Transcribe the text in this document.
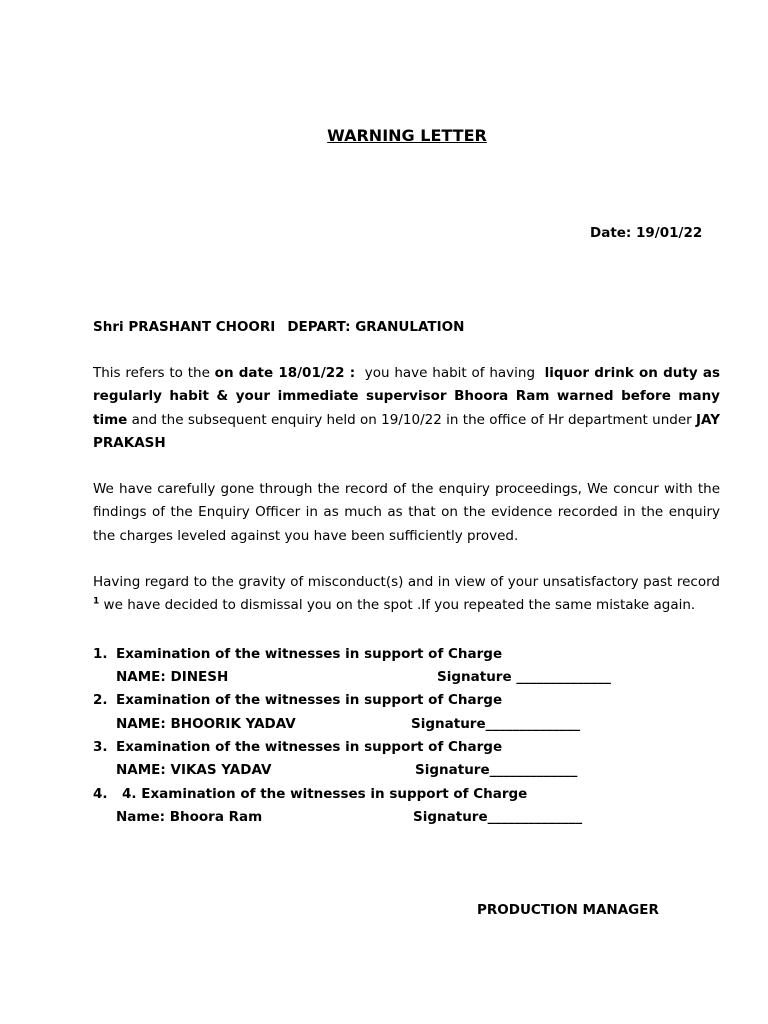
WARNING LETTER
Date: 19/01/22
Shri PRASHANT CHOORI DEPART: GRANULATION
This refers to the on date 18/01/22 :  you have habit of having  liquor drink on duty as regularly habit & your immediate supervisor Bhoora Ram warned before many time and the subsequent enquiry held on 19/10/22 in the office of Hr department under JAY PRAKASH
We have carefully gone through the record of the enquiry proceedings, We concur with the findings of the Enquiry Officer in as much as that on the evidence recorded in the enquiry the charges leveled against you have been sufficiently proved.
Having regard to the gravity of misconduct(s) and in view of your unsatisfactory past record $^1$ we have decided to dismissal you on the spot .If you repeated the same mistake again.
1. Examination of the witnesses in support of Charge
NAME: DINESH	Signature ______________
2. Examination of the witnesses in support of Charge
NAME: BHOORIK YADAV	Signature______________
3. Examination of the witnesses in support of Charge
NAME: VIKAS YADAV	Signature_____________
4. 4. Examination of the witnesses in support of Charge
Name: Bhoora Ram	Signature______________
PRODUCTION MANAGER
